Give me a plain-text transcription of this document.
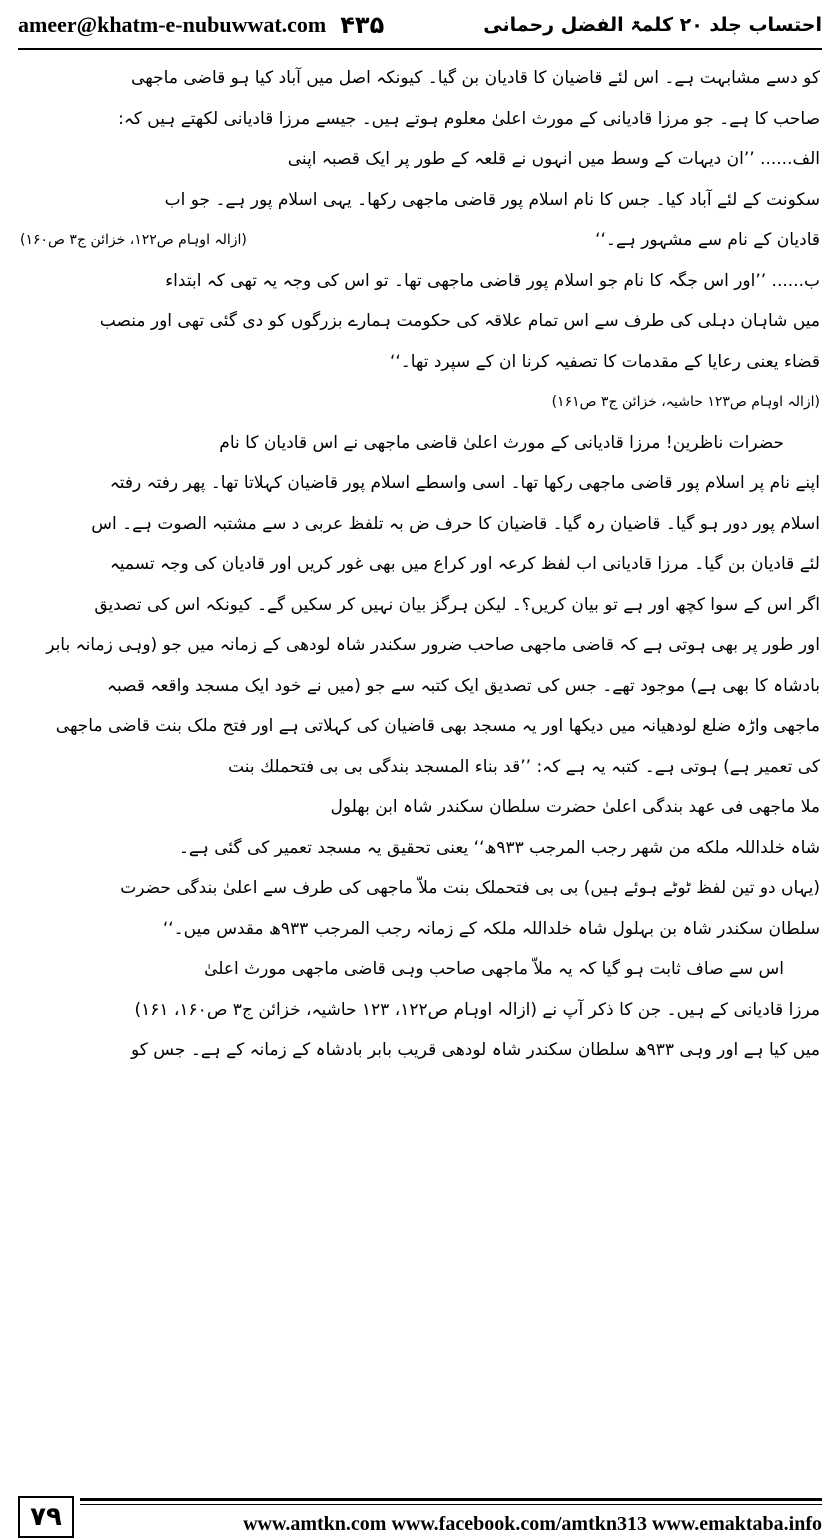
ameer@khatm-e-nubuwwat.com ۴۳۵	احتساب جلد ۲۰ کلمۃ الفضل رحمانی
کو دسے مشابہت ہے۔ اس لئے قاضیان کا قادیان بن گیا۔ کیونکہ اصل میں آباد کیا ہو قاضی ماجھی
صاحب کا ہے۔ جو مرزا قادیانی کے مورث اعلیٰ معلوم ہوتے ہیں۔ جیسے مرزا قادیانی لکھتے ہیں کہ:
الف...... ’’ان دیہات کے وسط میں انہوں نے قلعہ کے طور پر ایک قصبہ اپنی
سکونت کے لئے آباد کیا۔ جس کا نام اسلام پور قاضی ماجھی رکھا۔ یہی اسلام پور ہے۔ جو اب
قادیان کے نام سے مشہور ہے۔‘‘
(ازالہ اوہام ص۱۲۲، خزائن ج۳ ص۱۶۰)
ب...... ’’اور اس جگہ کا نام جو اسلام پور قاضی ماجھی تھا۔ تو اس کی وجہ یہ تھی کہ ابتداء
میں شاہان دہلی کی طرف سے اس تمام علاقہ کی حکومت ہمارے بزرگوں کو دی گئی تھی اور منصب
قضاء یعنی رعایا کے مقدمات کا تصفیہ کرنا ان کے سپرد تھا۔‘‘
(ازالہ اوہام ص۱۲۳ حاشیہ، خزائن ج۳ ص۱۶۱)
حضرات ناظرین! مرزا قادیانی کے مورث اعلیٰ قاضی ماجھی نے اس قادیان کا نام
اپنے نام پر اسلام پور قاضی ماجھی رکھا تھا۔ اسی واسطے اسلام پور قاضیان کہلاتا تھا۔ پھر رفتہ رفتہ
اسلام پور دور ہو گیا۔ قاضیان رہ گیا۔ قاضیان کا حرف ض بہ تلفظ عربی د سے مشتبہ الصوت ہے۔ اس
لئے قادیان بن گیا۔ مرزا قادیانی اب لفظ کرعہ اور کراع میں بھی غور کریں اور قادیان کی وجہ تسمیہ
اگر اس کے سوا کچھ اور ہے تو بیان کریں؟۔ لیکن ہرگز بیان نہیں کر سکیں گے۔ کیونکہ اس کی تصدیق
اور طور پر بھی ہوتی ہے کہ قاضی ماجھی صاحب ضرور سکندر شاہ لودھی کے زمانہ میں جو (وہی زمانہ بابر
بادشاہ کا بھی ہے) موجود تھے۔ جس کی تصدیق ایک کتبہ سے جو (میں نے خود ایک مسجد واقعہ قصبہ
ماجھی واڑہ ضلع لودھیانہ میں دیکھا اور یہ مسجد بھی قاضیان کی کہلاتی ہے اور فتح ملک بنت قاضی ماجھی
کی تعمیر ہے) ہوتی ہے۔ کتبہ یہ ہے کہ: ’’قد بناء المسجد بندگی بی بی فتحملك بنت
ملا ماجھی فی عهد بندگی اعلیٰ حضرت سلطان سکندر شاہ ابن بهلول
شاہ خلداللہ ملکه من شهر رجب المرجب ۹۳۳ھ‘‘ یعنی تحقیق یہ مسجد تعمیر کی گئی ہے۔
(یہاں دو تین لفظ ٹوٹے ہوئے ہیں) بی بی فتحملک بنت ملاّ ماجھی کی طرف سے اعلیٰ بندگی حضرت
سلطان سکندر شاہ بن بہلول شاہ خلداللہ ملکہ کے زمانہ رجب المرجب ۹۳۳ھ مقدس میں۔‘‘
اس سے صاف ثابت ہو گیا کہ یہ ملاّ ماجھی صاحب وہی قاضی ماجھی مورث اعلیٰ
مرزا قادیانی کے ہیں۔ جن کا ذکر آپ نے (ازالہ اوہام ص۱۲۲، ۱۲۳ حاشیہ، خزائن ج۳ ص۱۶۰، ۱۶۱)
میں کیا ہے اور وہی ۹۳۳ھ سلطان سکندر شاہ لودھی قریب بابر بادشاہ کے زمانہ کے ہے۔ جس کو
۷۹	www.amtkn.com www.facebook.com/amtkn313 www.emaktaba.info
